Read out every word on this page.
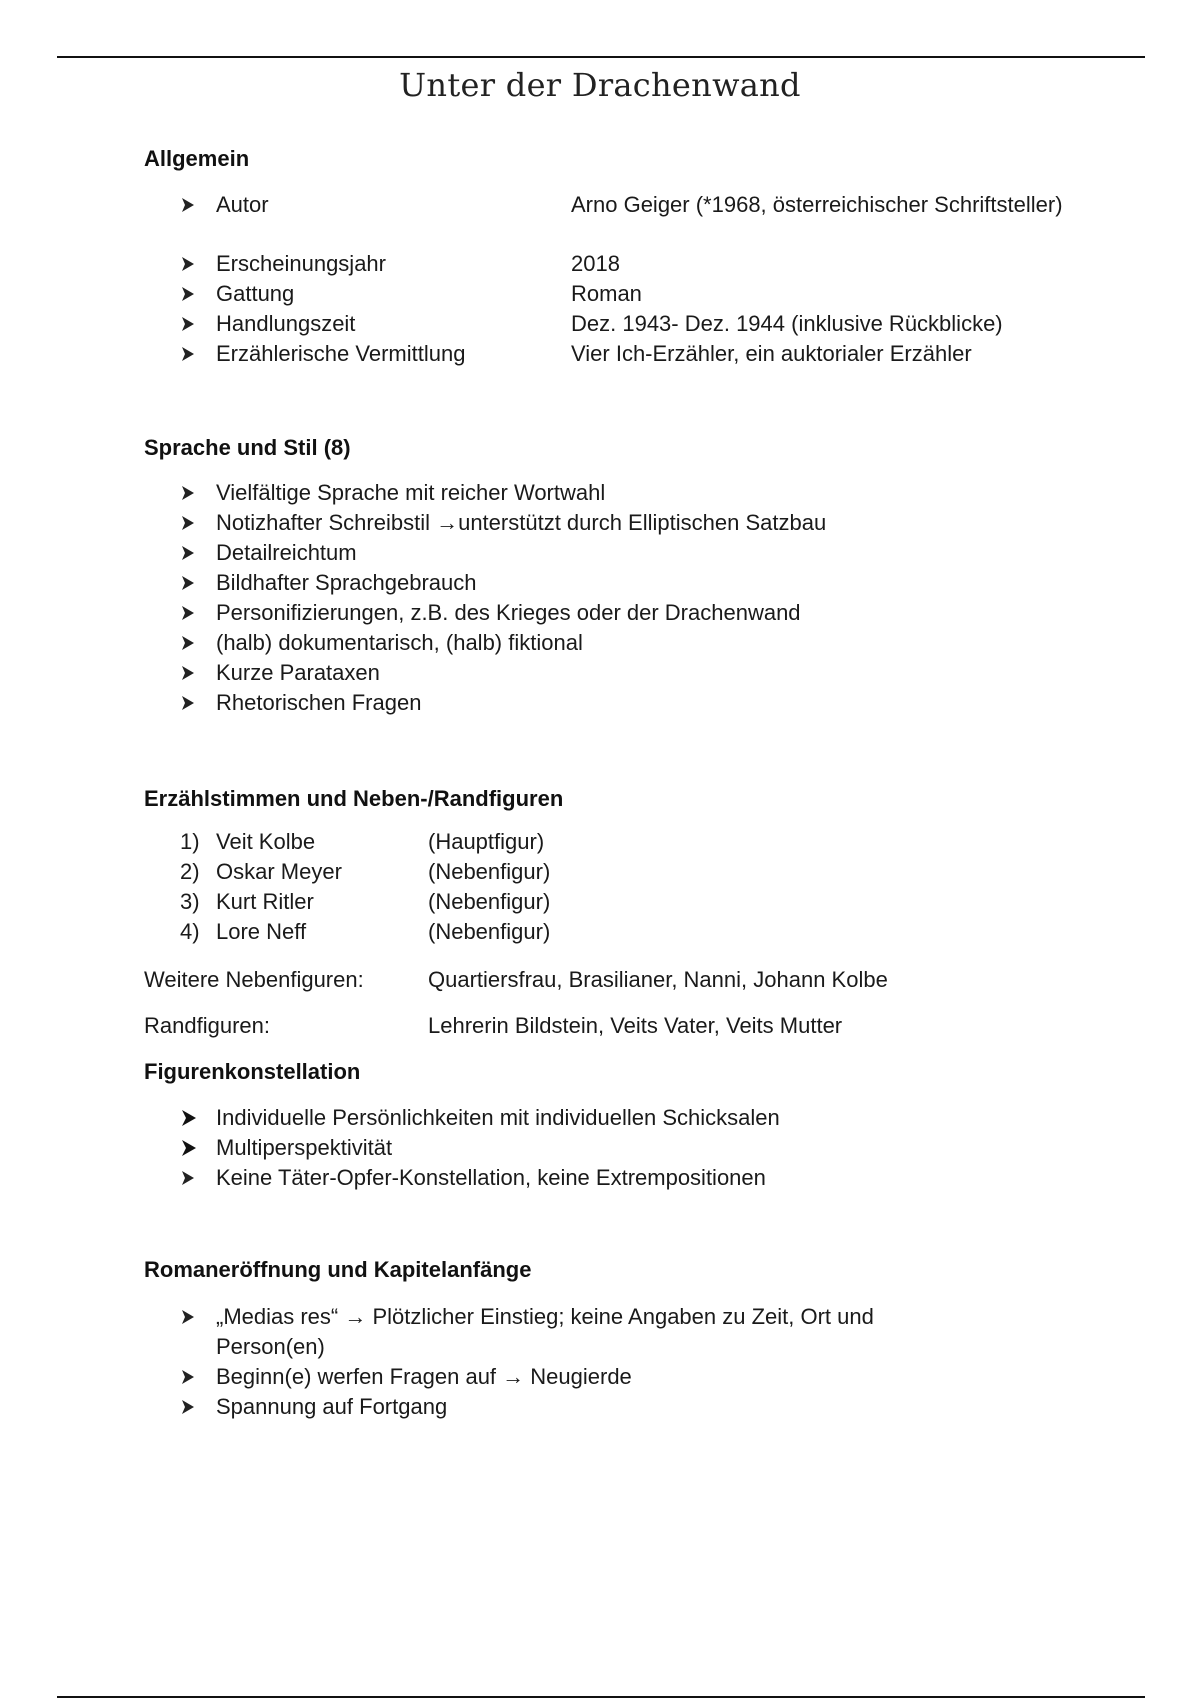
Unter der Drachenwand
Allgemein
Autor	Arno Geiger (*1968, österreichischer Schriftsteller)
Erscheinungsjahr	2018
Gattung	Roman
Handlungszeit	Dez. 1943- Dez. 1944 (inklusive Rückblicke)
Erzählerische Vermittlung	Vier Ich-Erzähler, ein auktorialer Erzähler
Sprache und Stil (8)
Vielfältige Sprache mit reicher Wortwahl
Notizhafter Schreibstil →unterstützt durch Elliptischen Satzbau
Detailreichtum
Bildhafter Sprachgebrauch
Personifizierungen, z.B. des Krieges oder der Drachenwand
(halb) dokumentarisch, (halb) fiktional
Kurze Parataxen
Rhetorischen Fragen
Erzählstimmen und Neben-/Randfiguren
1) Veit Kolbe	(Hauptfigur)
2) Oskar Meyer	(Nebenfigur)
3) Kurt Ritler	(Nebenfigur)
4) Lore Neff	(Nebenfigur)
Weitere Nebenfiguren:	Quartiersfrau, Brasilianer, Nanni, Johann Kolbe
Randfiguren:	Lehrerin Bildstein, Veits Vater, Veits Mutter
Figurenkonstellation
Individuelle Persönlichkeiten mit individuellen Schicksalen
Multiperspektivität
Keine Täter-Opfer-Konstellation, keine Extrempositionen
Romaneröffnung und Kapitelanfänge
„Medias res“ → Plötzlicher Einstieg; keine Angaben zu Zeit, Ort und
Person(en)
Beginn(e) werfen Fragen auf → Neugierde
Spannung auf Fortgang
